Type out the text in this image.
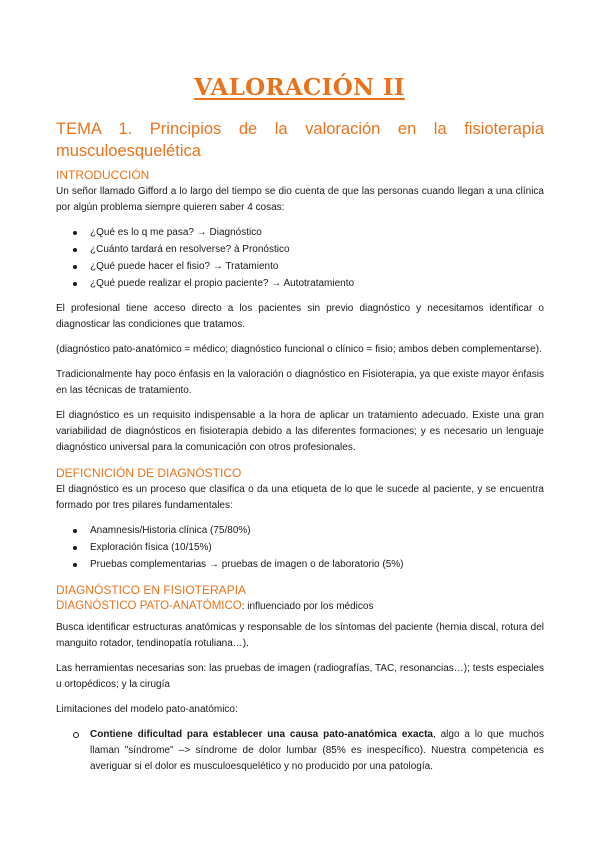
VALORACIÓN II

TEMA 1. Principios de la valoración en la fisioterapia musculoesquelética

INTRODUCCIÓN

Un señor llamado Gifford a lo largo del tiempo se dio cuenta de que las personas cuando llegan a una clínica por algún problema siempre quieren saber 4 cosas:

¿Qué es lo q me pasa? → Diagnóstico
¿Cuánto tardará en resolverse? à Pronóstico
¿Qué puede hacer el fisio? → Tratamiento
¿Qué puede realizar el propio paciente? → Autotratamiento

El profesional tiene acceso directo a los pacientes sin previo diagnóstico y necesitamos identificar o diagnosticar las condiciones que tratamos.

(diagnóstico pato-anatómico = médico; diagnóstico funcional o clínico = fisio; ambos deben complementarse).

Tradicionalmente hay poco énfasis en la valoración o diagnóstico en Fisioterapia, ya que existe mayor énfasis en las técnicas de tratamiento.

El diagnóstico es un requisito indispensable a la hora de aplicar un tratamiento adecuado. Existe una gran variabilidad de diagnósticos en fisioterapia debido a las diferentes formaciones; y es necesario un lenguaje diagnóstico universal para la comunicación con otros profesionales.

DEFICNICIÓN DE DIAGNÓSTICO

El diagnóstico es un proceso que clasifica o da una etiqueta de lo que le sucede al paciente, y se encuentra formado por tres pilares fundamentales:

Anamnesis/Historia clínica (75/80%)
Exploración física (10/15%)
Pruebas complementarias → pruebas de imagen o de laboratorio (5%)
DIAGNÓSTICO EN FISIOTERAPIA
DIAGNÓSTICO PATO-ANATÓMICO: influenciado por los médicos

Busca identificar estructuras anatómicas y responsable de los síntomas del paciente (hernia discal, rotura del manguito rotador, tendinopatía rotuliana…).

Las herramientas necesarias son: las pruebas de imagen (radiografías, TAC, resonancias…); tests especiales u ortopédicos; y la cirugía

Limitaciones del modelo pato-anatómico:

Contiene dificultad para establecer una causa pato-anatómica exacta, algo a lo que muchos llaman "síndrome" –> síndrome de dolor lumbar (85% es inespecífico). Nuestra competencia es averiguar si el dolor es musculoesquelético y no producido por una patología.
